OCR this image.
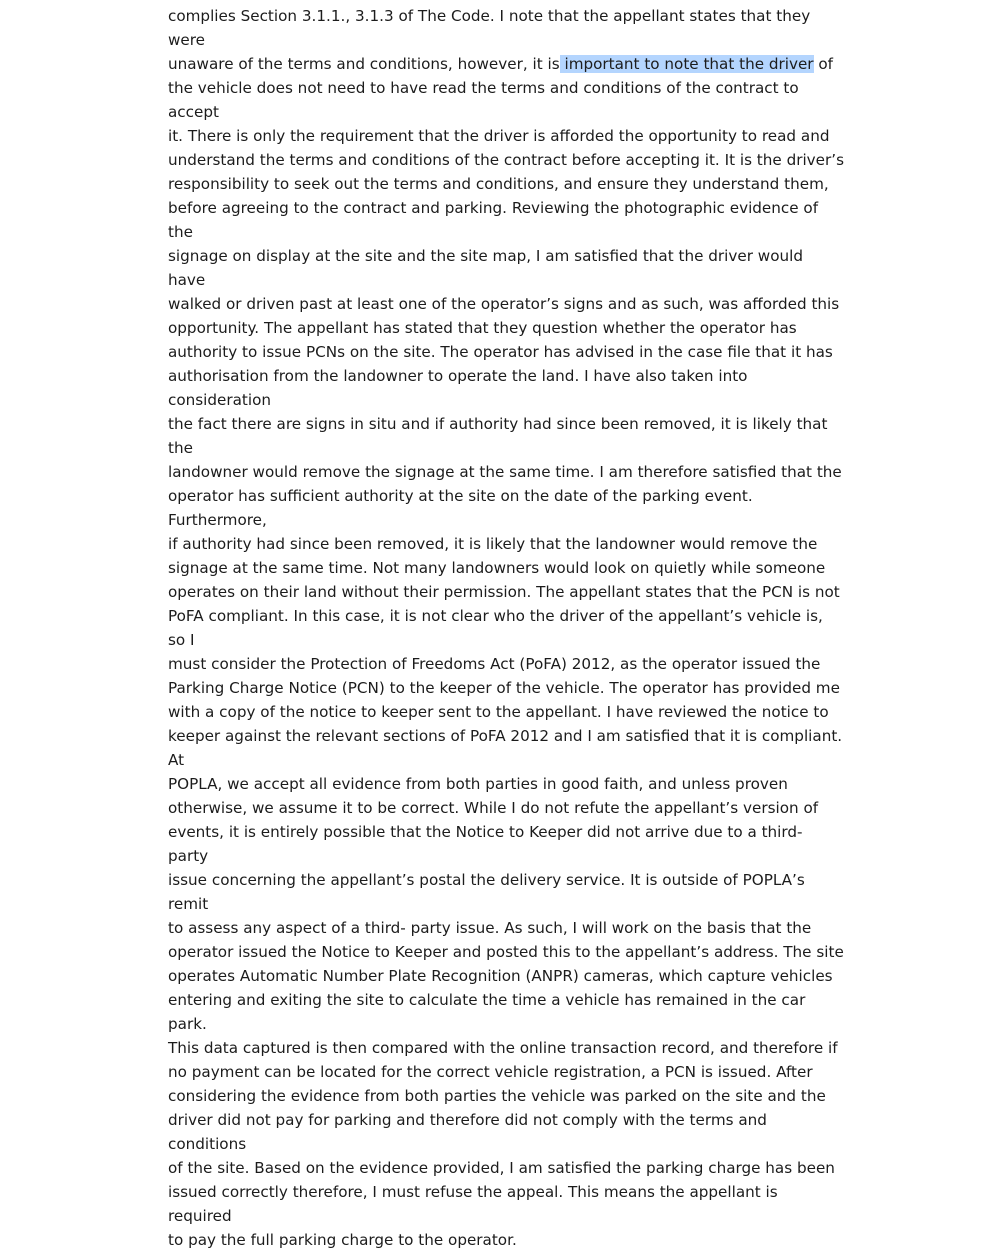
complies Section 3.1.1., 3.1.3 of The Code. I note that the appellant states that they were
unaware of the terms and conditions, however, it is important to note that the driver of
the vehicle does not need to have read the terms and conditions of the contract to accept
it. There is only the requirement that the driver is afforded the opportunity to read and
understand the terms and conditions of the contract before accepting it. It is the driver’s
responsibility to seek out the terms and conditions, and ensure they understand them,
before agreeing to the contract and parking. Reviewing the photographic evidence of the
signage on display at the site and the site map, I am satisfied that the driver would have
walked or driven past at least one of the operator’s signs and as such, was afforded this
opportunity. The appellant has stated that they question whether the operator has
authority to issue PCNs on the site. The operator has advised in the case file that it has
authorisation from the landowner to operate the land. I have also taken into consideration
the fact there are signs in situ and if authority had since been removed, it is likely that the
landowner would remove the signage at the same time. I am therefore satisfied that the
operator has sufficient authority at the site on the date of the parking event. Furthermore,
if authority had since been removed, it is likely that the landowner would remove the
signage at the same time. Not many landowners would look on quietly while someone
operates on their land without their permission. The appellant states that the PCN is not
PoFA compliant. In this case, it is not clear who the driver of the appellant’s vehicle is, so I
must consider the Protection of Freedoms Act (PoFA) 2012, as the operator issued the
Parking Charge Notice (PCN) to the keeper of the vehicle. The operator has provided me
with a copy of the notice to keeper sent to the appellant. I have reviewed the notice to
keeper against the relevant sections of PoFA 2012 and I am satisfied that it is compliant. At
POPLA, we accept all evidence from both parties in good faith, and unless proven
otherwise, we assume it to be correct. While I do not refute the appellant’s version of
events, it is entirely possible that the Notice to Keeper did not arrive due to a third- party
issue concerning the appellant’s postal the delivery service. It is outside of POPLA’s remit
to assess any aspect of a third- party issue. As such, I will work on the basis that the
operator issued the Notice to Keeper and posted this to the appellant’s address. The site
operates Automatic Number Plate Recognition (ANPR) cameras, which capture vehicles
entering and exiting the site to calculate the time a vehicle has remained in the car park.
This data captured is then compared with the online transaction record, and therefore if
no payment can be located for the correct vehicle registration, a PCN is issued. After
considering the evidence from both parties the vehicle was parked on the site and the
driver did not pay for parking and therefore did not comply with the terms and conditions
of the site. Based on the evidence provided, I am satisfied the parking charge has been
issued correctly therefore, I must refuse the appeal. This means the appellant is required
to pay the full parking charge to the operator.
